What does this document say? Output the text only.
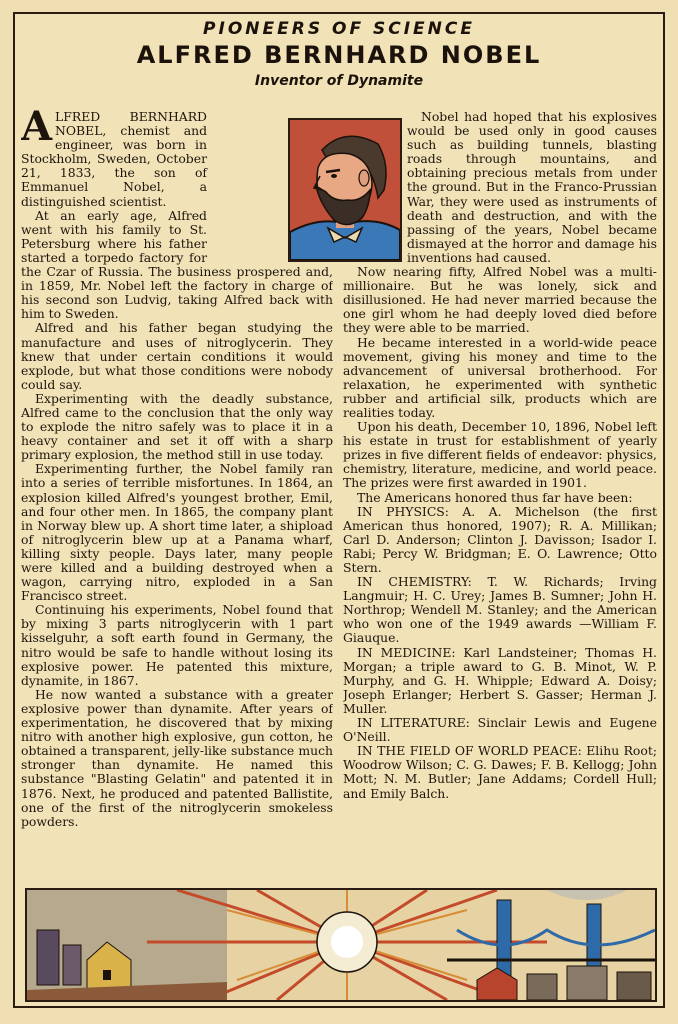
PIONEERS OF SCIENCE
ALFRED BERNHARD NOBEL
Inventor of Dynamite

ALFRED BERNHARD NOBEL, chemist and engineer, was born in Stockholm, Sweden, October 21, 1833, the son of Emmanuel Nobel, a distinguished scientist.

At an early age, Alfred went with his family to St. Petersburg where his father started a torpedo factory for the Czar of Russia. The business prospered and, in 1859, Mr. Nobel left the factory in charge of his second son Ludvig, taking Alfred back with him to Sweden.

Alfred and his father began studying the manufacture and uses of nitroglycerin. They knew that under certain conditions it would explode, but what those conditions were nobody could say.

Experimenting with the deadly substance, Alfred came to the conclusion that the only way to explode the nitro safely was to place it in a heavy container and set it off with a sharp primary explosion, the method still in use today.

Experimenting further, the Nobel family ran into a series of terrible misfortunes. In 1864, an explosion killed Alfred's youngest brother, Emil, and four other men. In 1865, the company plant in Norway blew up. A short time later, a shipload of nitroglycerin blew up at a Panama wharf, killing sixty people. Days later, many people were killed and a building destroyed when a wagon, carrying nitro, exploded in a San Francisco street.

Continuing his experiments, Nobel found that by mixing 3 parts nitroglycerin with 1 part kisselguhr, a soft earth found in Germany, the nitro would be safe to handle without losing its explosive power. He patented this mixture, dynamite, in 1867.

He now wanted a substance with a greater explosive power than dynamite. After years of experimentation, he discovered that by mixing nitro with another high explosive, gun cotton, he obtained a transparent, jelly-like substance much stronger than dynamite. He named this substance "Blasting Gelatin" and patented it in 1876. Next, he produced and patented Ballistite, one of the first of the nitroglycerin smokeless powders.

Nobel had hoped that his explosives would be used only in good causes such as building tunnels, blasting roads through mountains, and obtaining precious metals from under the ground. But in the Franco-Prussian War, they were used as instruments of death and destruction, and with the passing of the years, Nobel became dismayed at the horror and damage his inventions had caused.

Now nearing fifty, Alfred Nobel was a multi-millionaire. But he was lonely, sick and disillusioned. He had never married because the one girl whom he had deeply loved died before they were able to be married.

He became interested in a world-wide peace movement, giving his money and time to the advancement of universal brotherhood. For relaxation, he experimented with synthetic rubber and artificial silk, products which are realities today.

Upon his death, December 10, 1896, Nobel left his estate in trust for establishment of yearly prizes in five different fields of endeavor: physics, chemistry, literature, medicine, and world peace. The prizes were first awarded in 1901.

The Americans honored thus far have been:

IN PHYSICS: A. A. Michelson (the first American thus honored, 1907); R. A. Millikan; Carl D. Anderson; Clinton J. Davisson; Isador I. Rabi; Percy W. Bridgman; E. O. Lawrence; Otto Stern.

IN CHEMISTRY: T. W. Richards; Irving Langmuir; H. C. Urey; James B. Sumner; John H. Northrop; Wendell M. Stanley; and the American who won one of the 1949 awards —William F. Giauque.

IN MEDICINE: Karl Landsteiner; Thomas H. Morgan; a triple award to G. B. Minot, W. P. Murphy, and G. H. Whipple; Edward A. Doisy; Joseph Erlanger; Herbert S. Gasser; Herman J. Muller.

IN LITERATURE: Sinclair Lewis and Eugene O'Neill.

IN THE FIELD OF WORLD PEACE: Elihu Root; Woodrow Wilson; C. G. Dawes; F. B. Kellogg; John Mott; N. M. Butler; Jane Addams; Cordell Hull; and Emily Balch.
